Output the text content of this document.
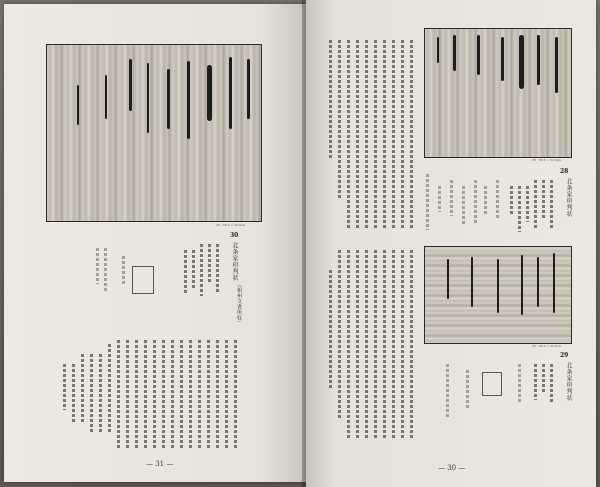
30　80.0 × 34.5cm
30
北条家印判状
（相州文書所収）
— 31 —
28　80.5 × 32.5cm
28
北条家印判状
29　80.0 × 33.0cm
29
北条家印判状
— 30 —
